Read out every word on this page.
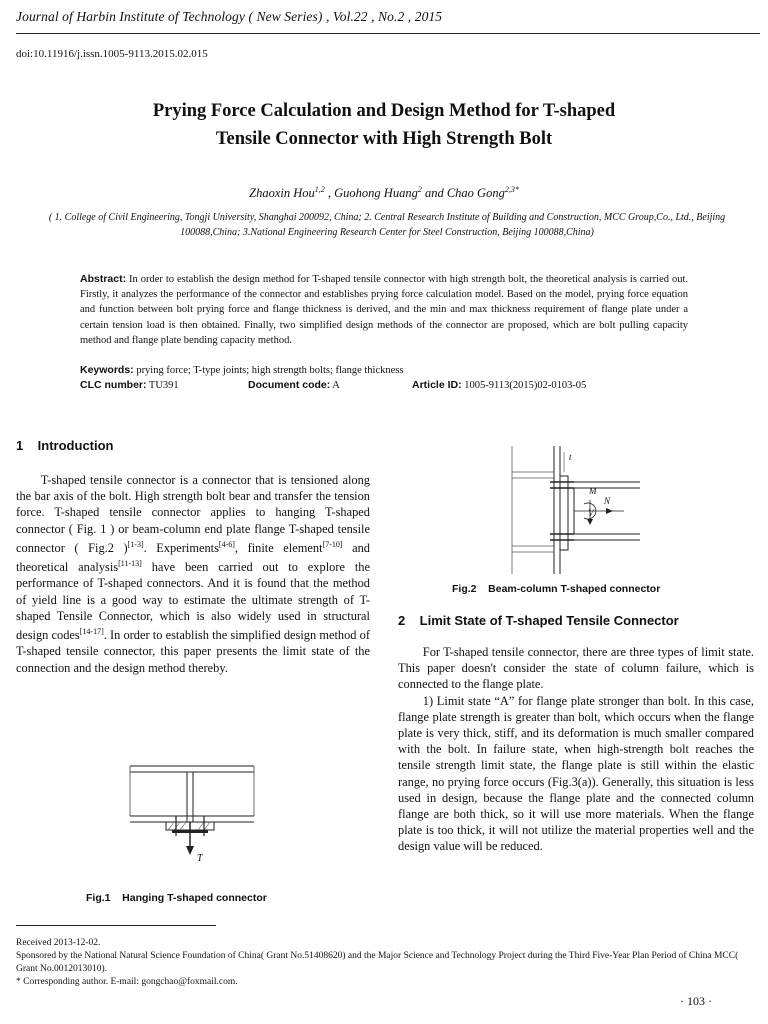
Journal of Harbin Institute of Technology ( New Series) , Vol.22 , No.2 , 2015
doi:10.11916/j.issn.1005-9113.2015.02.015
Prying Force Calculation and Design Method for T-shaped
Tensile Connector with High Strength Bolt
Zhaoxin Hou$^{1,2}$ , Guohong Huang$^2$ and Chao Gong$^{2,3*}$
( 1. College of Civil Engineering, Tongji University, Shanghai 200092, China; 2. Central Research Institute of Building and Construction, MCC Group,Co., Ltd., Beijing 100088,China; 3.National Engineering Research Center for Steel Construction, Beijing 100088,China)
Abstract: In order to establish the design method for T-shaped tensile connector with high strength bolt, the theoretical analysis is carried out. Firstly, it analyzes the performance of the connector and establishes prying force calculation model. Based on the model, prying force equation and function between bolt prying force and flange thickness is derived, and the min and max thickness requirement of flange plate under a certain tension load is then obtained. Finally, two simplified design methods of the connector are proposed, which are bolt pulling capacity method and flange plate bending capacity method.
Keywords: prying force; T-type joints; high strength bolts; flange thickness
CLC number: TU391	Document code: A	Article ID: 1005-9113(2015)02-0103-05
1    Introduction

T-shaped tensile connector is a connector that is tensioned along the bar axis of the bolt. High strength bolt bear and transfer the tension force. T-shaped tensile connector applies to hanging T-shaped connector ( Fig. 1 ) or beam-column end plate flange T-shaped tensile connector ( Fig.2 )[1-3]. Experiments[4-6], finite element[7-10] and theoretical analysis[11-13] have been carried out to explore the performance of T-shaped connectors. And it is found that the method of yield line is a good way to estimate the ultimate strength of T-shaped Tensile Connector, which is also widely used in structural design codes[14-17]. In order to establish the simplified design method of T-shaped tensile connector, this paper presents the limit state of the connection and the design method thereby.

T
Fig.1    Hanging T-shaped connector
t
M
N
V
Fig.2    Beam-column T-shaped connector
2    Limit State of T-shaped Tensile Connector

For T-shaped tensile connector, there are three types of limit state. This paper doesn't consider the state of column failure, which is connected to the flange plate.

1) Limit state “A” for flange plate stronger than bolt. In this case, flange plate strength is greater than bolt, which occurs when the flange plate is very thick, stiff, and its deformation is much smaller compared with the bolt. In failure state, when high-strength bolt reaches the tensile strength limit state, the flange plate is still within the elastic range, no prying force occurs (Fig.3(a)). Generally, this situation is less used in design, because the flange plate and the connected column flange are both thick, so it will use more materials. When the flange plate is too thick, it will not utilize the material properties well and the design value will be reduced.

Received 2013-12-02.
Sponsored by the National Natural Science Foundation of China( Grant No.51408620) and the Major Science and Technology Project during the Third Five-Year Plan Period of China MCC( Grant No.0012013010).
* Corresponding author. E-mail: gongchao@foxmail.com.
· 103 ·
